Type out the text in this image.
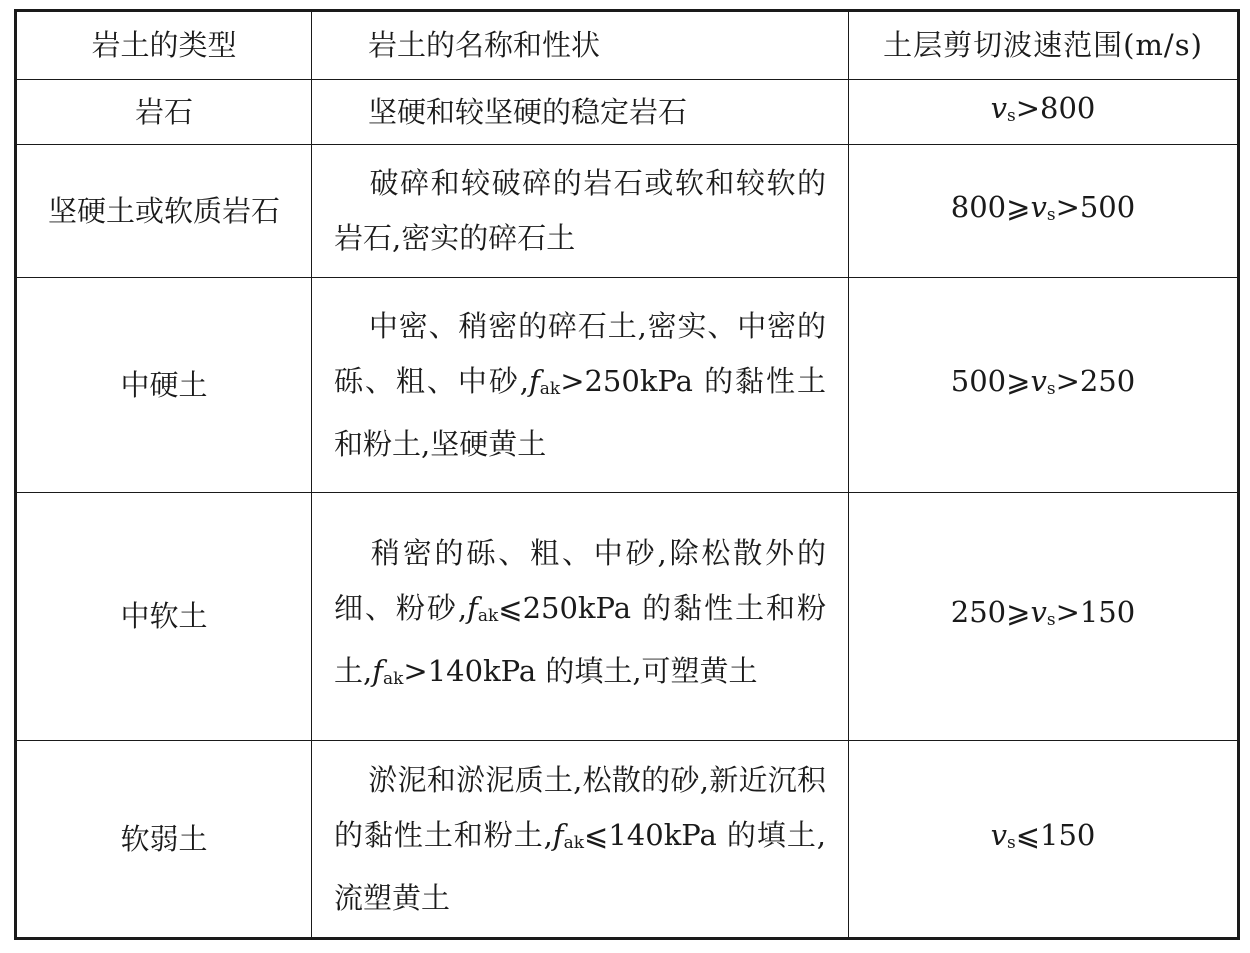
岩土的类型	岩土的名称和性状	土层剪切波速范围(m/s)
岩石	坚硬和较坚硬的稳定岩石	vs>800
坚硬土或软质岩石	破碎和较破碎的岩石或软和较软的岩石,密实的碎石土	800⩾vs>500
中硬土	中密、稍密的碎石土,密实、中密的砾、粗、中砂,fak>250kPa 的黏性土和粉土,坚硬黄土	500⩾vs>250
中软土	稍密的砾、粗、中砂,除松散外的细、粉砂,fak⩽250kPa 的黏性土和粉土,fak>140kPa 的填土,可塑黄土	250⩾vs>150
软弱土	淤泥和淤泥质土,松散的砂,新近沉积的黏性土和粉土,fak⩽140kPa 的填土,流塑黄土	vs⩽150
